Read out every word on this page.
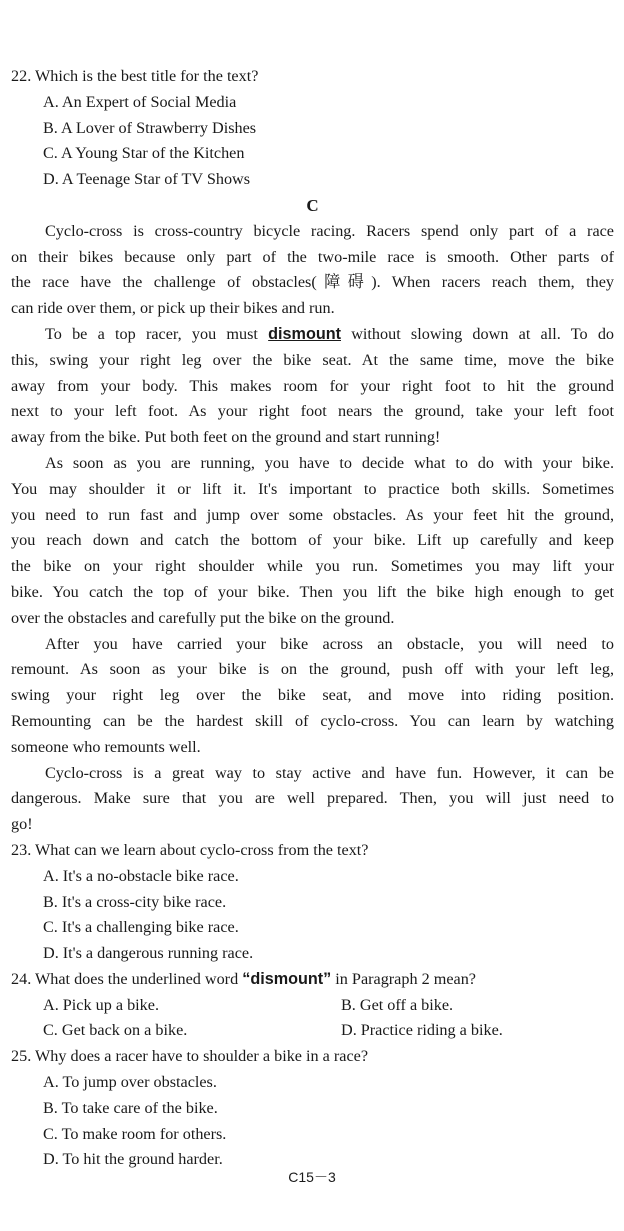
22. Which is the best title for the text?
A. An Expert of Social Media
B. A Lover of Strawberry Dishes
C. A Young Star of the Kitchen
D. A Teenage Star of TV Shows
C
Cyclo-cross is cross-country bicycle racing. Racers spend only part of a race
on their bikes because only part of the two-mile race is smooth. Other parts of
the race have the challenge of obstacles(障碍). When racers reach them, they
can ride over them, or pick up their bikes and run.
To be a top racer, you must dismount without slowing down at all. To do
this, swing your right leg over the bike seat. At the same time, move the bike
away from your body. This makes room for your right foot to hit the ground
next to your left foot. As your right foot nears the ground, take your left foot
away from the bike. Put both feet on the ground and start running!
As soon as you are running, you have to decide what to do with your bike.
You may shoulder it or lift it. It's important to practice both skills. Sometimes
you need to run fast and jump over some obstacles. As your feet hit the ground,
you reach down and catch the bottom of your bike. Lift up carefully and keep
the bike on your right shoulder while you run. Sometimes you may lift your
bike. You catch the top of your bike. Then you lift the bike high enough to get
over the obstacles and carefully put the bike on the ground.
After you have carried your bike across an obstacle, you will need to
remount. As soon as your bike is on the ground, push off with your left leg,
swing your right leg over the bike seat, and move into riding position.
Remounting can be the hardest skill of cyclo-cross. You can learn by watching
someone who remounts well.
Cyclo-cross is a great way to stay active and have fun. However, it can be
dangerous. Make sure that you are well prepared. Then, you will just need to
go!
23. What can we learn about cyclo-cross from the text?
A. It's a no-obstacle bike race.
B. It's a cross-city bike race.
C. It's a challenging bike race.
D. It's a dangerous running race.
24. What does the underlined word “dismount” in Paragraph 2 mean?
A. Pick up a bike.	B. Get off a bike.
C. Get back on a bike.	D. Practice riding a bike.
25. Why does a racer have to shoulder a bike in a race?
A. To jump over obstacles.
B. To take care of the bike.
C. To make room for others.
D. To hit the ground harder.
C15－3
